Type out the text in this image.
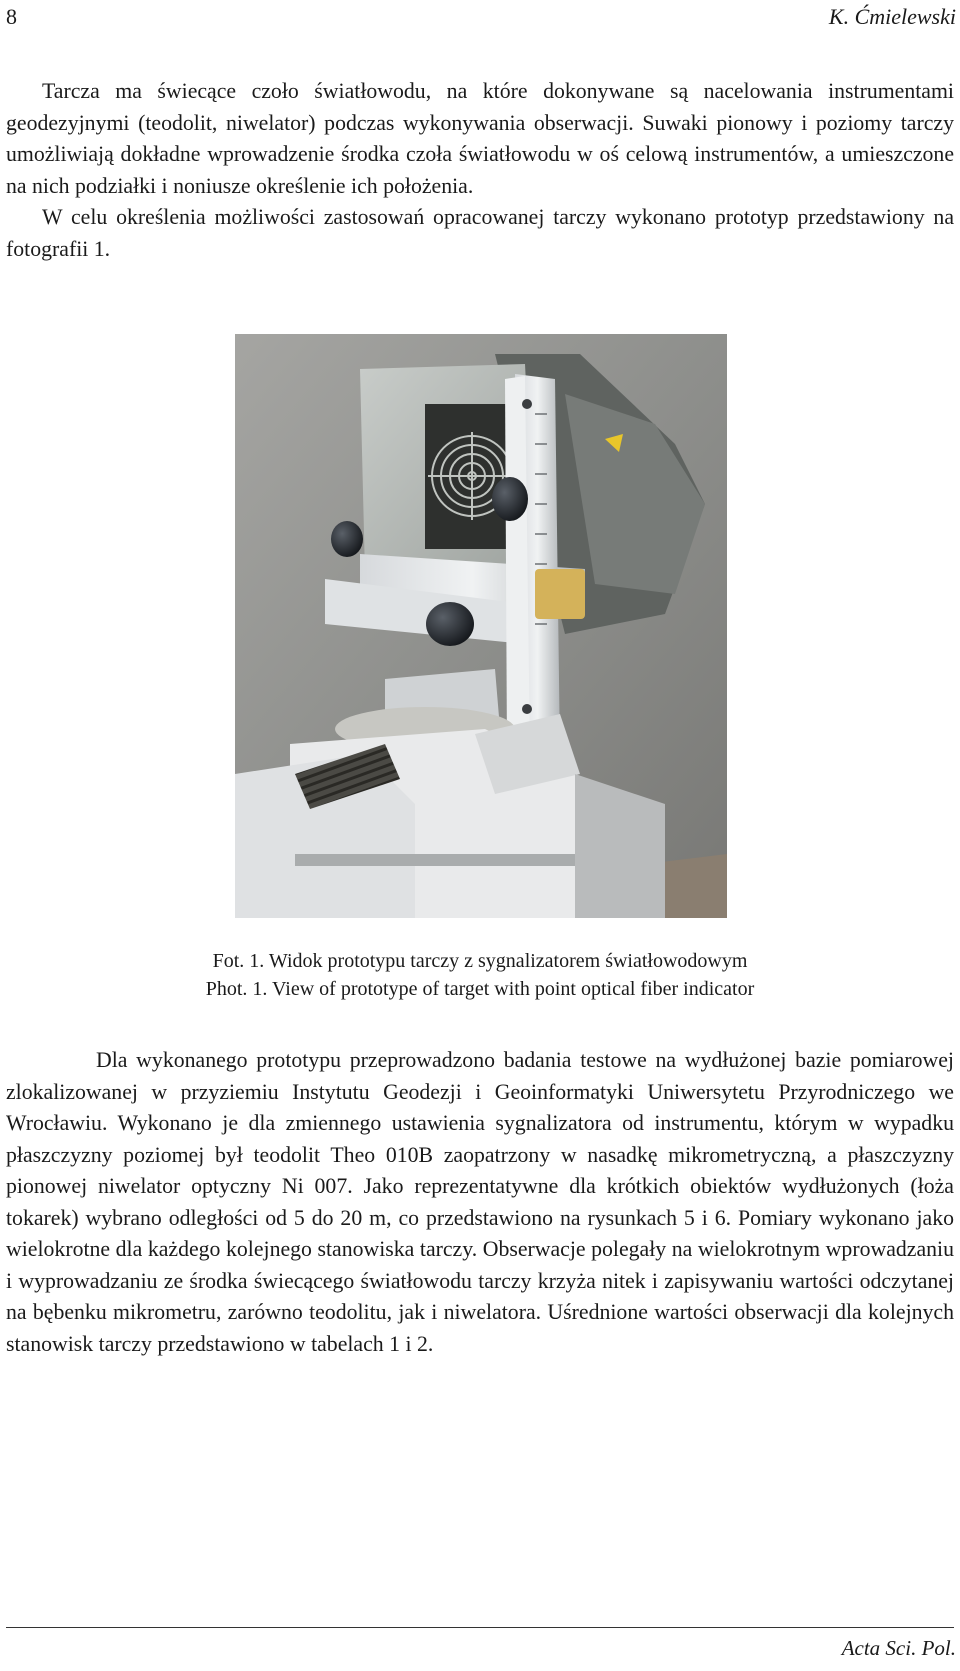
8	K. Ćmielewski

Tarcza ma świecące czoło światłowodu, na które dokonywane są nacelowania instrumentami geodezyjnymi (teodolit, niwelator) podczas wykonywania obserwacji. Suwaki pionowy i poziomy tarczy umożliwiają dokładne wprowadzenie środka czoła światłowodu w oś celową instrumentów, a umieszczone na nich podziałki i noniusze określenie ich położenia.

W celu określenia możliwości zastosowań opracowanej tarczy wykonano prototyp przedstawiony na fotografii 1.

Fot. 1. Widok prototypu tarczy z sygnalizatorem światłowodowym
Phot. 1. View of prototype of target with point optical fiber indicator

Dla wykonanego prototypu przeprowadzono badania testowe na wydłużonej bazie pomiarowej zlokalizowanej w przyziemiu Instytutu Geodezji i Geoinformatyki Uniwersytetu Przyrodniczego we Wrocławiu. Wykonano je dla zmiennego ustawienia sygnalizatora od instrumentu, którym w wypadku płaszczyzny poziomej był teodolit Theo 010B zaopatrzony w nasadkę mikrometryczną, a płaszczyzny pionowej niwelator optyczny Ni 007. Jako reprezentatywne dla krótkich obiektów wydłużonych (łoża tokarek) wybrano odległości od 5 do 20 m, co przedstawiono na rysunkach 5 i 6. Pomiary wykonano jako wielokrotne dla każdego kolejnego stanowiska tarczy. Obserwacje polegały na wielokrotnym wprowadzaniu i wyprowadzaniu ze środka świecącego światłowodu tarczy krzyża nitek i zapisywaniu wartości odczytanej na bębenku mikrometru, zarówno teodolitu, jak i niwelatora. Uśrednione wartości obserwacji dla kolejnych stanowisk tarczy przedstawiono w tabelach 1 i 2.

Acta Sci. Pol.
